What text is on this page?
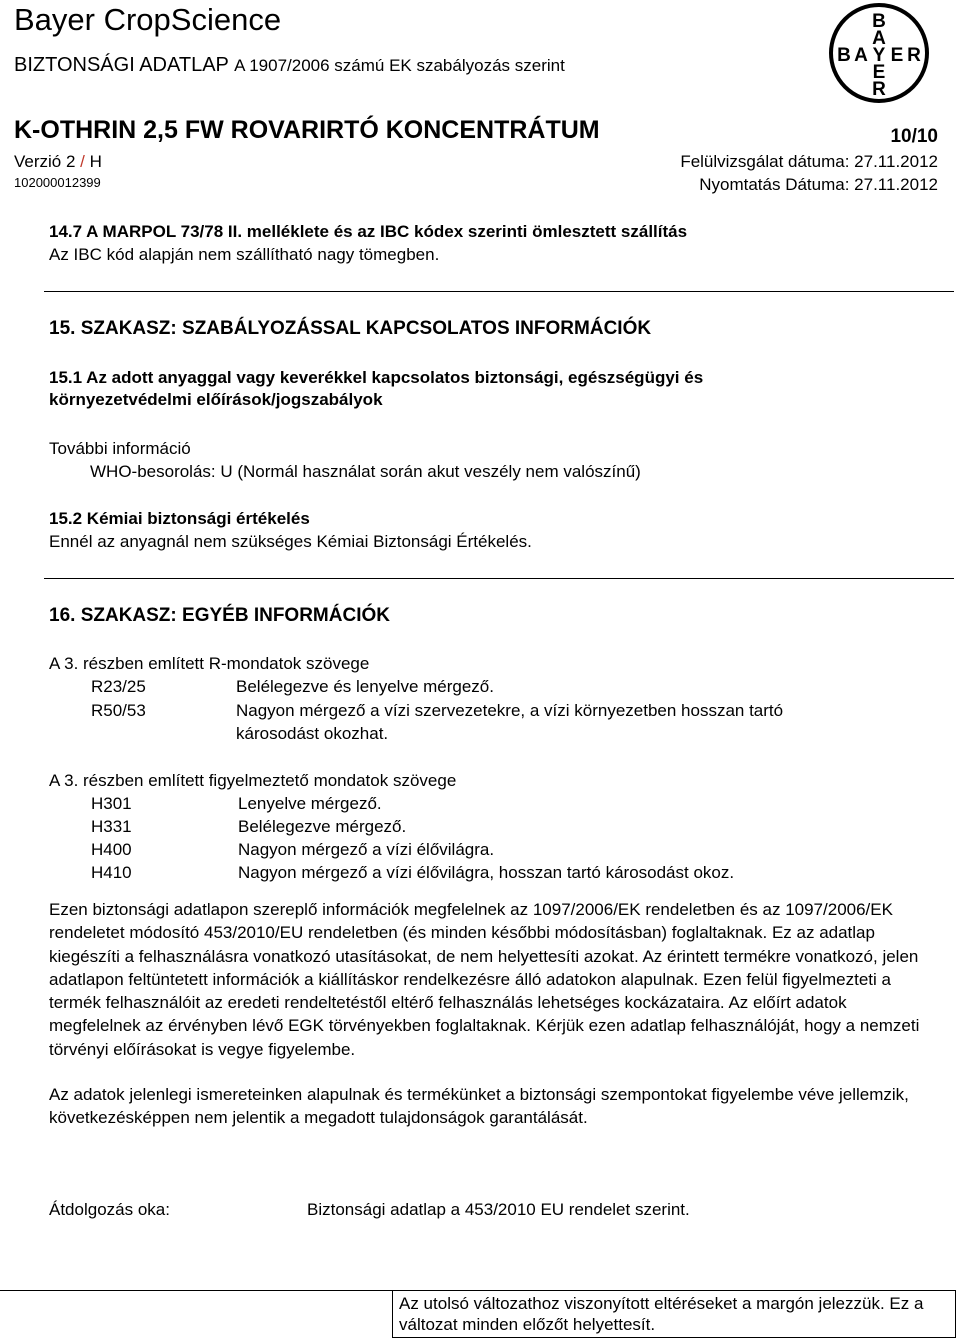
Bayer CropScience
BIZTONSÁGI ADATLAP A 1907/2006 számú EK szabályozás szerint
B
A
Y
E
R
B A E R
K-OTHRIN 2,5 FW ROVARIRTÓ KONCENTRÁTUM	10/10
Verzió 2 / H	Felülvizsgálat dátuma: 27.11.2012
102000012399	Nyomtatás Dátuma: 27.11.2012
14.7 A MARPOL 73/78 II. melléklete és az IBC kódex szerinti ömlesztett szállítás
Az IBC kód alapján nem szállítható nagy tömegben.
15. SZAKASZ: SZABÁLYOZÁSSAL KAPCSOLATOS INFORMÁCIÓK
15.1 Az adott anyaggal vagy keverékkel kapcsolatos biztonsági, egészségügyi és
környezetvédelmi előírások/jogszabályok
További információ
WHO-besorolás: U (Normál használat során akut veszély nem valószínű)
15.2 Kémiai biztonsági értékelés
Ennél az anyagnál nem szükséges Kémiai Biztonsági Értékelés.
16. SZAKASZ: EGYÉB INFORMÁCIÓK
A 3. részben említett R-mondatok szövege
R23/25	Belélegezve és lenyelve mérgező.
R50/53	Nagyon mérgező a vízi szervezetekre, a vízi környezetben hosszan tartó
károsodást okozhat.
A 3. részben említett figyelmeztető mondatok szövege
H301	Lenyelve mérgező.
H331	Belélegezve mérgező.
H400	Nagyon mérgező a vízi élővilágra.
H410	Nagyon mérgező a vízi élővilágra, hosszan tartó károsodást okoz.
Ezen biztonsági adatlapon szereplő információk megfelelnek az 1097/2006/EK rendeletben és az 1097/2006/EK rendeletet módosító 453/2010/EU rendeletben (és minden későbbi módosításban) foglaltaknak. Ez az adatlap kiegészíti a felhasználásra vonatkozó utasításokat, de nem helyettesíti azokat. Az érintett termékre vonatkozó, jelen adatlapon feltüntetett információk a kiállításkor rendelkezésre álló adatokon alapulnak. Ezen felül figyelmezteti a termék felhasználóit az eredeti rendeltetéstől eltérő felhasználás lehetséges kockázataira. Az előírt adatok megfelelnek az érvényben lévő EGK törvényekben foglaltaknak. Kérjük ezen adatlap felhasználóját, hogy a nemzeti törvényi előírásokat is vegye figyelembe.
Az adatok jelenlegi ismereteinken alapulnak és termékünket a biztonsági szempontokat figyelembe véve jellemzik, következésképpen nem jelentik a megadott tulajdonságok garantálását.
Átdolgozás oka:	Biztonsági adatlap a 453/2010 EU rendelet szerint.
Az utolsó változathoz viszonyított eltéréseket a margón jelezzük. Ez a változat minden előzőt helyettesít.
